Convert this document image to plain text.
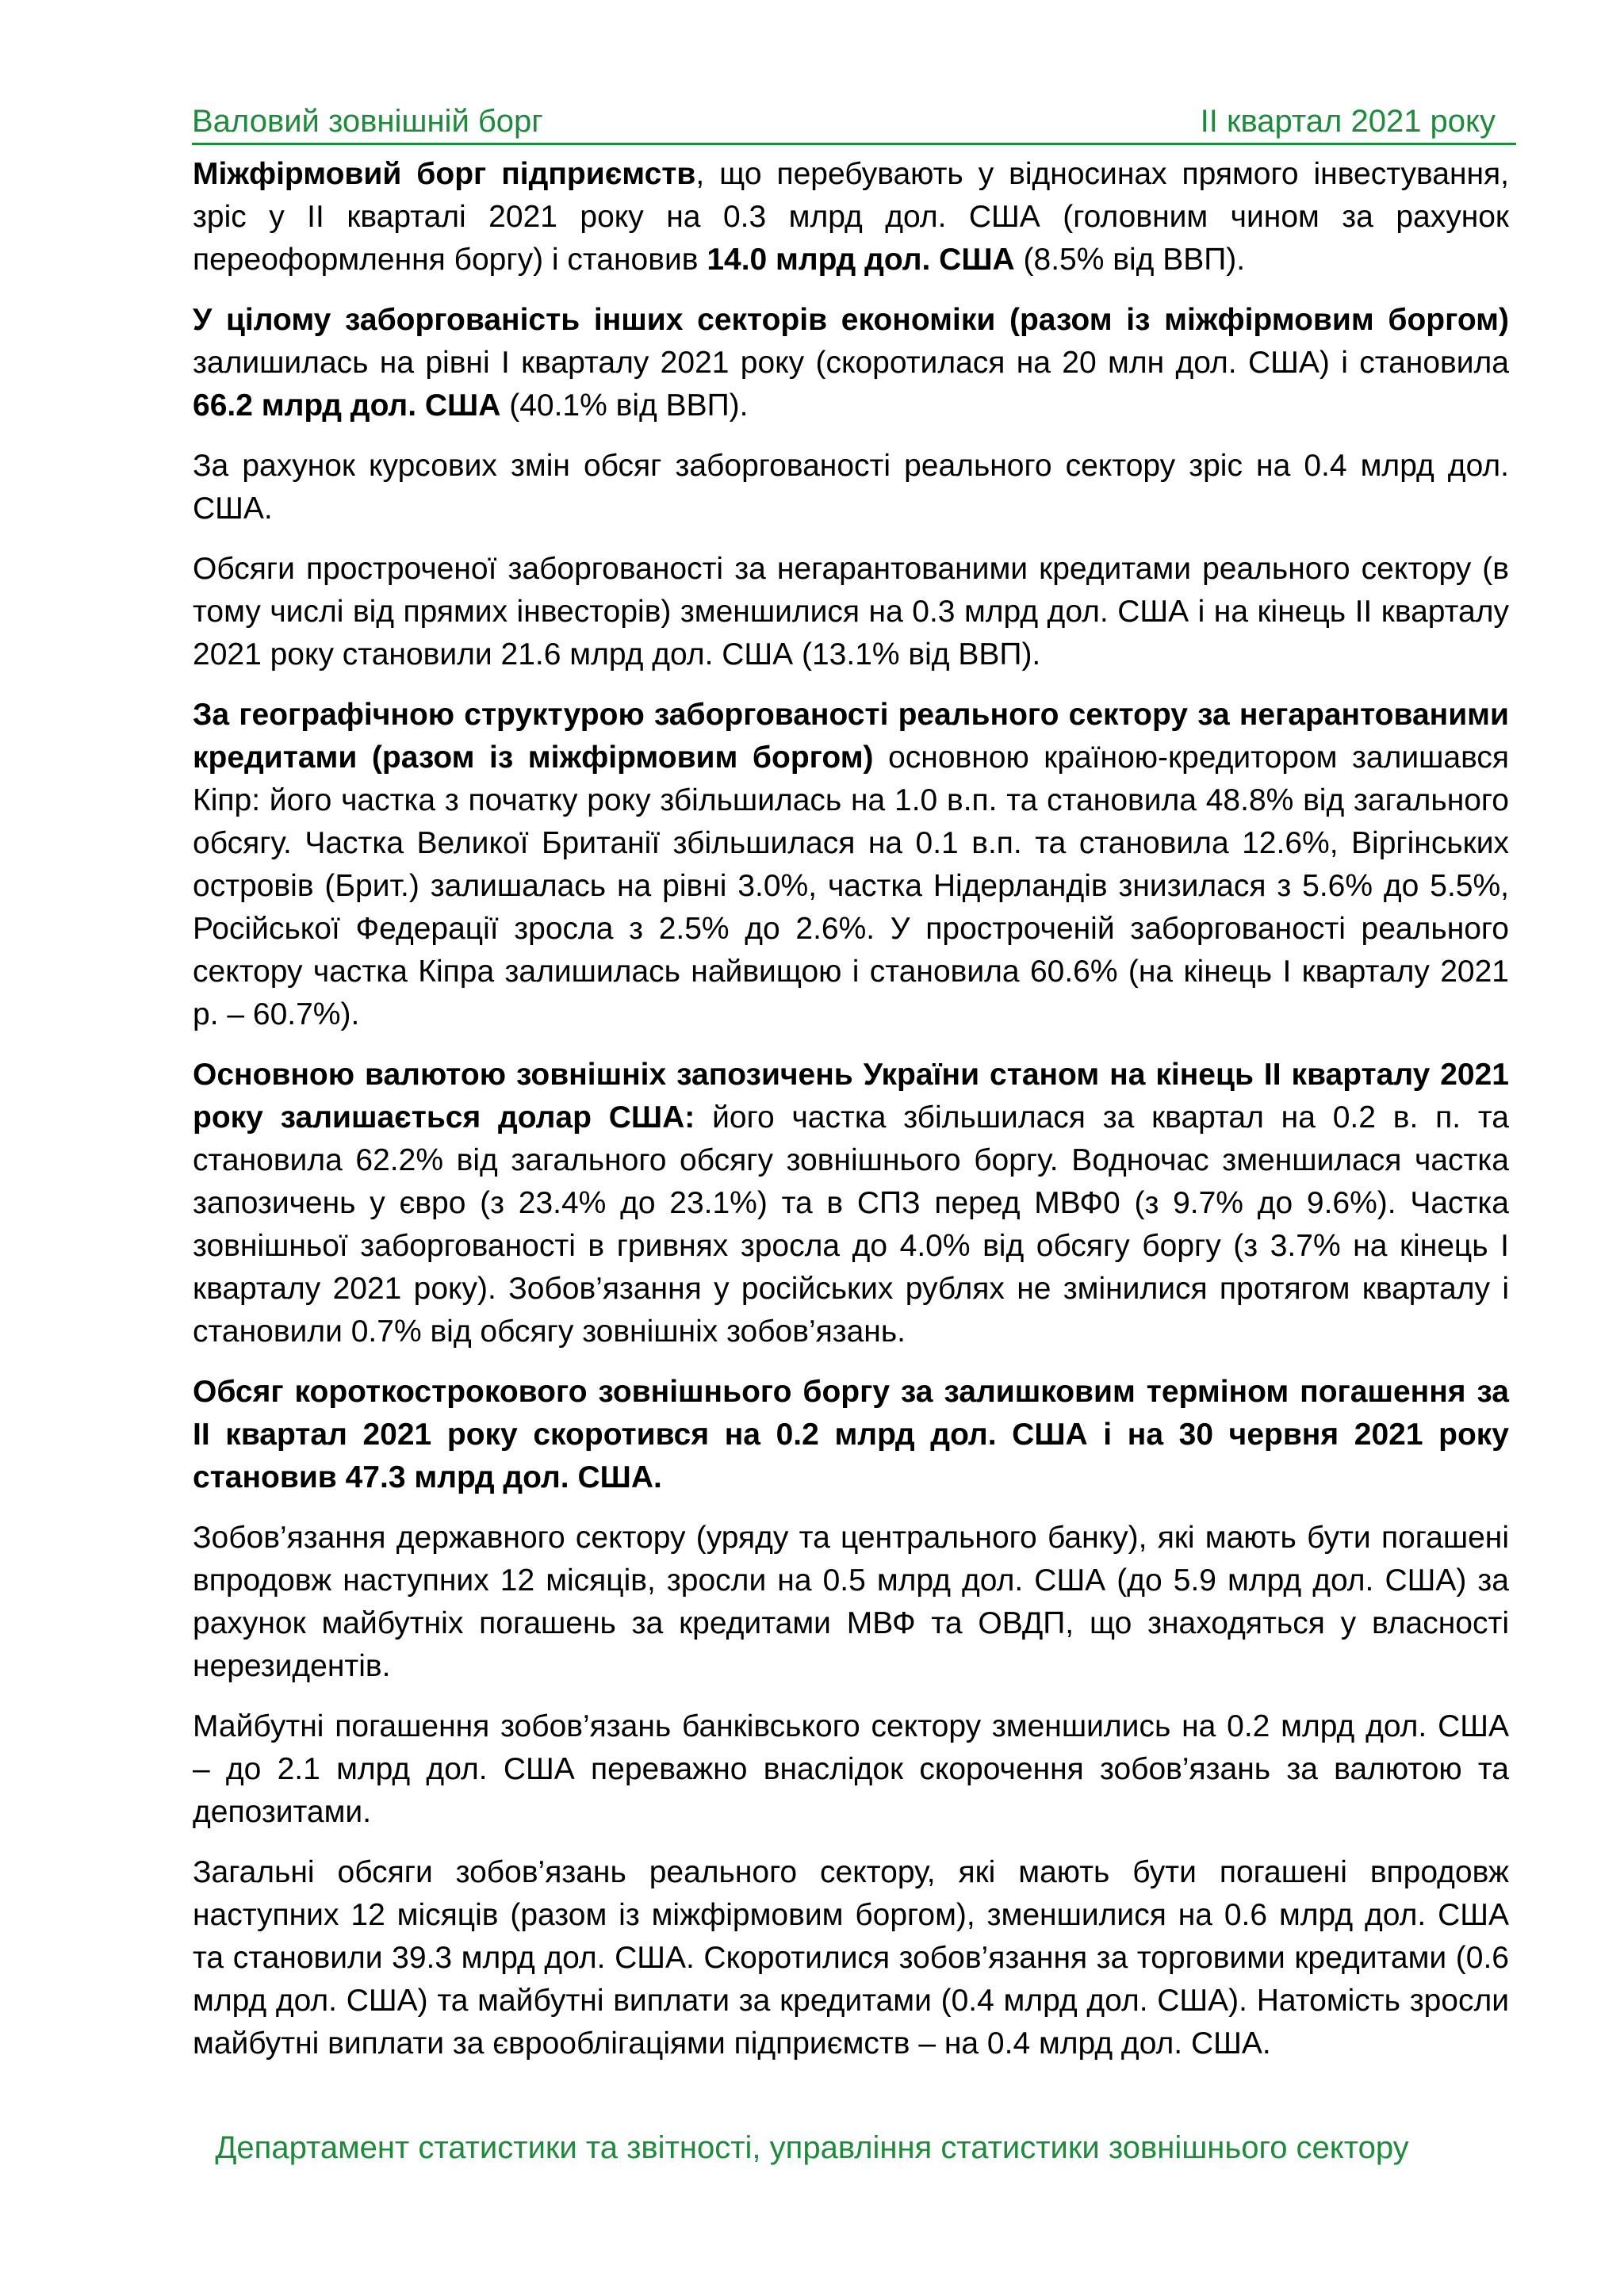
Валовий зовнішній борг	II квартал 2021 року

Міжфірмовий борг підприємств, що перебувають у відносинах прямого інвестування, зріс у II кварталі 2021 року на 0.3 млрд дол. США (головним чином за рахунок переоформлення боргу) і становив 14.0 млрд дол. США (8.5% від ВВП).

У цілому заборгованість інших секторів економіки (разом із міжфірмовим боргом) залишилась на рівні I кварталу 2021 року (скоротилася на 20 млн дол. США) і становила 66.2 млрд дол. США (40.1% від ВВП).

За рахунок курсових змін обсяг заборгованості реального сектору зріс на 0.4 млрд дол. США.

Обсяги простроченої заборгованості за негарантованими кредитами реального сектору (в тому числі від прямих інвесторів) зменшилися на 0.3 млрд дол. США і на кінець II кварталу 2021 року становили 21.6 млрд дол. США (13.1% від ВВП).

За географічною структурою заборгованості реального сектору за негарантованими кредитами (разом із міжфірмовим боргом) основною країною-кредитором залишався Кіпр: його частка з початку року збільшилась на 1.0 в.п. та становила 48.8% від загального обсягу. Частка Великої Британії збільшилася на 0.1 в.п. та становила 12.6%, Віргінських островів (Брит.) залишалась на рівні 3.0%, частка Нідерландів знизилася з 5.6% до 5.5%, Російської Федерації зросла з 2.5% до 2.6%. У простроченій заборгованості реального сектору частка Кіпра залишилась найвищою і становила 60.6% (на кінець I кварталу 2021 р. – 60.7%).

Основною валютою зовнішніх запозичень України станом на кінець II кварталу 2021 року залишається долар США: його частка збільшилася за квартал на 0.2 в. п. та становила 62.2% від загального обсягу зовнішнього боргу. Водночас зменшилася частка запозичень у євро (з 23.4% до 23.1%) та в СПЗ перед МВФ0 (з 9.7% до 9.6%). Частка зовнішньої заборгованості в гривнях зросла до 4.0% від обсягу боргу (з 3.7% на кінець I кварталу 2021 року). Зобов’язання у російських рублях не змінилися протягом кварталу і становили 0.7% від обсягу зовнішніх зобов’язань.

Обсяг короткострокового зовнішнього боргу за залишковим терміном погашення за II квартал 2021 року скоротився на 0.2 млрд дол. США і на 30 червня 2021 року становив 47.3 млрд дол. США.

Зобов’язання державного сектору (уряду та центрального банку), які мають бути погашені впродовж наступних 12 місяців, зросли на 0.5 млрд дол. США (до 5.9 млрд дол. США) за рахунок майбутніх погашень за кредитами МВФ та ОВДП, що знаходяться у власності нерезидентів.

Майбутні погашення зобов’язань банківського сектору зменшились на 0.2 млрд дол. США – до 2.1 млрд дол. США переважно внаслідок скорочення зобов’язань за валютою та депозитами.

Загальні обсяги зобов’язань реального сектору, які мають бути погашені впродовж наступних 12 місяців (разом із міжфірмовим боргом), зменшилися на 0.6 млрд дол. США та становили 39.3 млрд дол. США. Скоротилися зобов’язання за торговими кредитами (0.6 млрд дол. США) та майбутні виплати за кредитами (0.4 млрд дол. США). Натомість зросли майбутні виплати за єврооблігаціями підприємств – на 0.4 млрд дол. США.

Департамент статистики та звітності, управління статистики зовнішнього сектору
